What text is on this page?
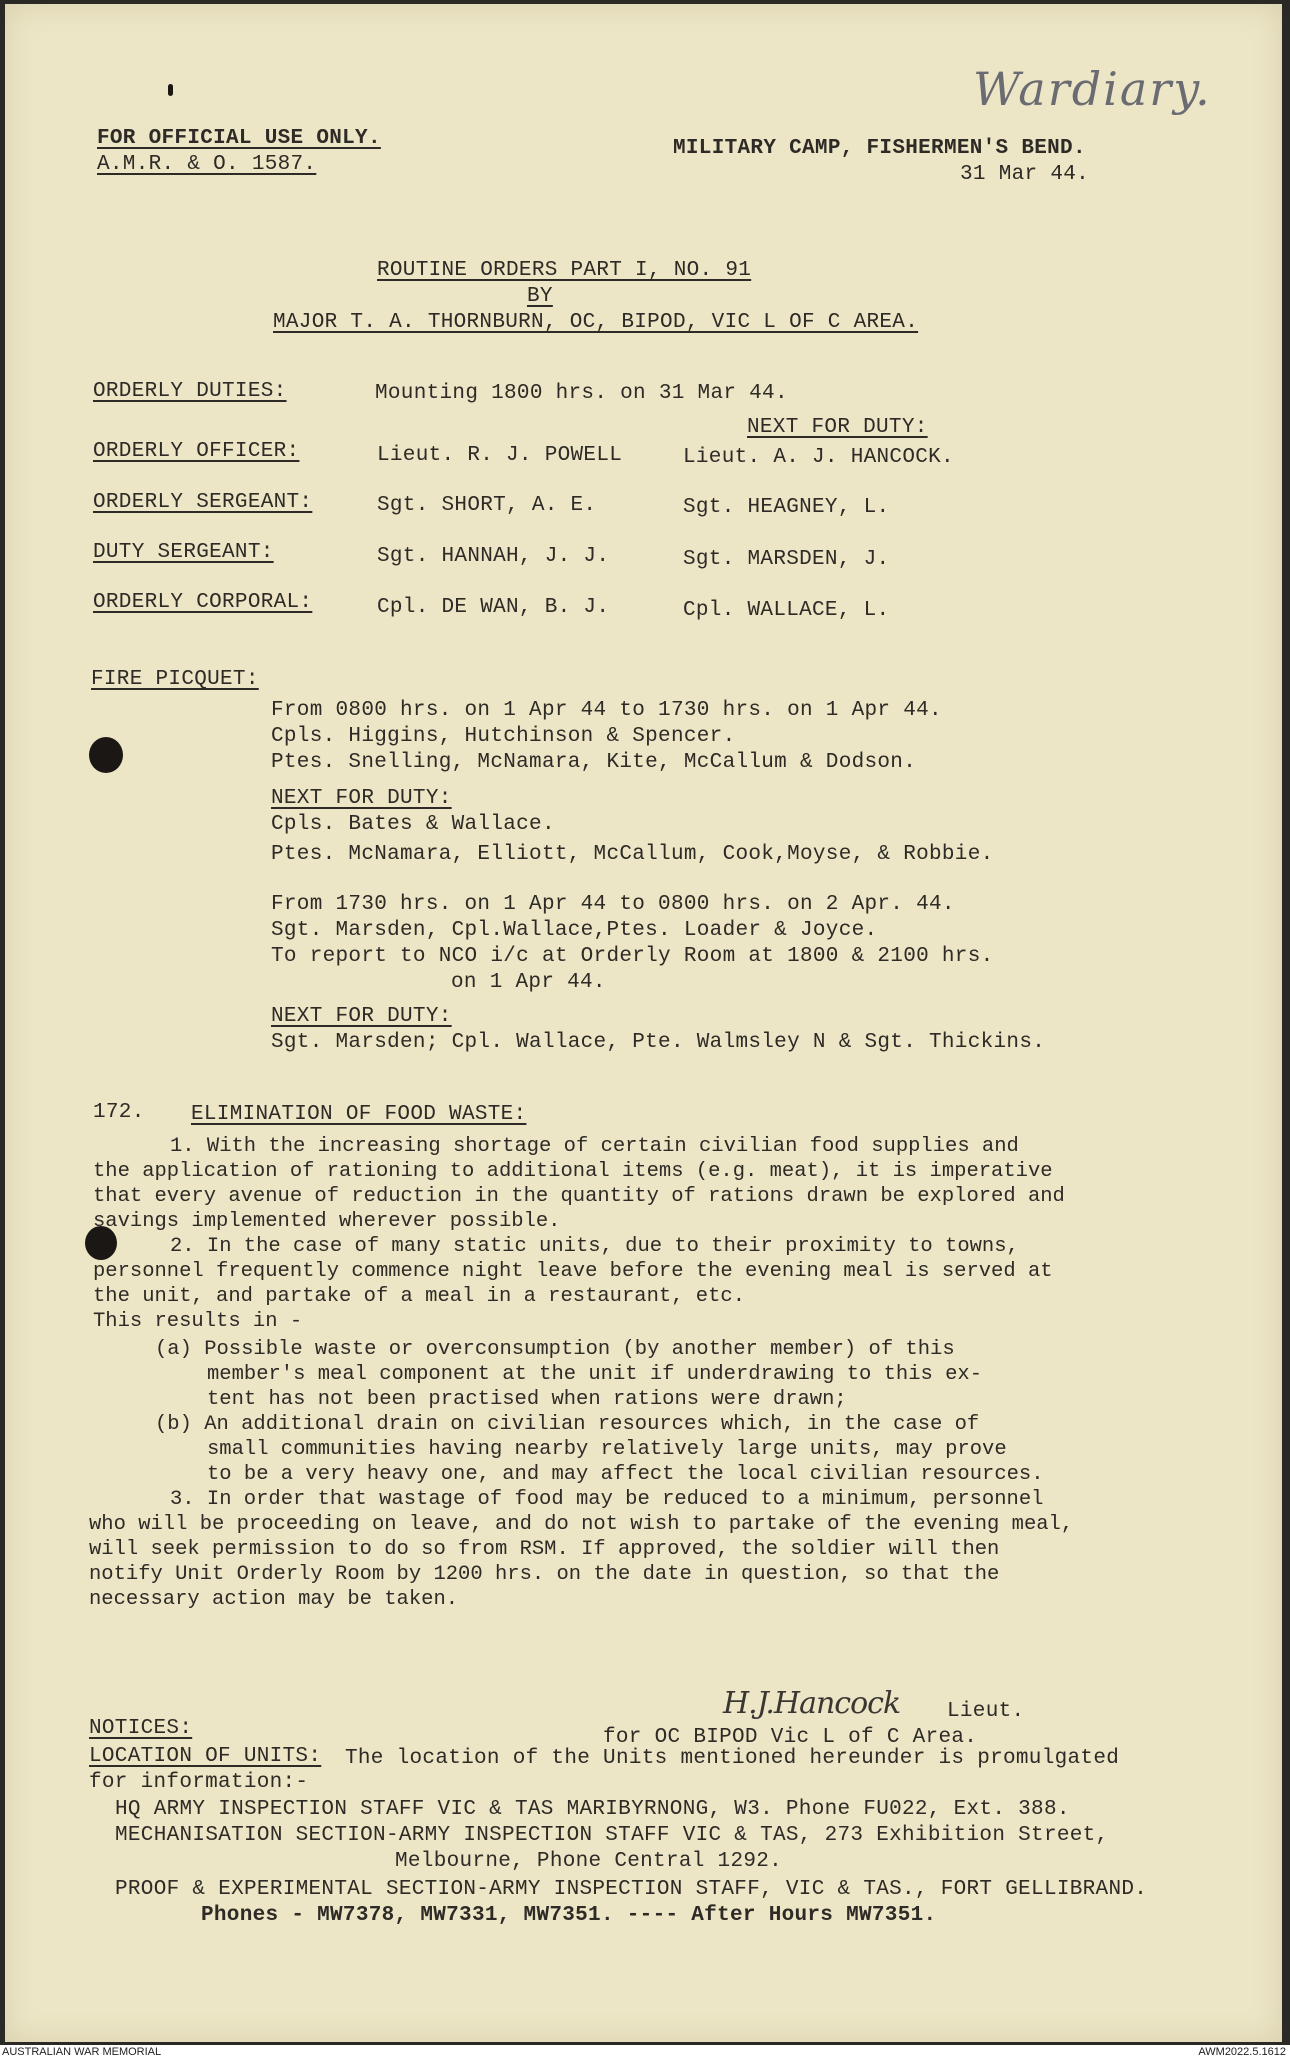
Wardiary.
FOR OFFICIAL USE ONLY.
A.M.R. & O. 1587.
MILITARY CAMP, FISHERMEN'S BEND.
31 Mar 44.
ROUTINE ORDERS PART I, NO. 91
BY
MAJOR T. A. THORNBURN, OC, BIPOD, VIC L OF C AREA.
ORDERLY DUTIES:	Mounting 1800 hrs. on 31 Mar 44.
NEXT FOR DUTY:
ORDERLY OFFICER:	Lieut. R. J. POWELL	Lieut. A. J. HANCOCK.
ORDERLY SERGEANT:	Sgt. SHORT, A. E.	Sgt. HEAGNEY, L.
DUTY SERGEANT:	Sgt. HANNAH, J. J.	Sgt. MARSDEN, J.
ORDERLY CORPORAL:	Cpl. DE WAN, B. J.	Cpl. WALLACE, L.
FIRE PICQUET:
From 0800 hrs. on 1 Apr 44 to 1730 hrs. on 1 Apr 44.
Cpls. Higgins, Hutchinson & Spencer.
Ptes. Snelling, McNamara, Kite, McCallum & Dodson.
NEXT FOR DUTY:
Cpls. Bates & Wallace.
Ptes. McNamara, Elliott, McCallum, Cook,Moyse, & Robbie.
From 1730 hrs. on 1 Apr 44 to 0800 hrs. on 2 Apr. 44.
Sgt. Marsden, Cpl.Wallace,Ptes. Loader & Joyce.
To report to NCO i/c at Orderly Room at 1800 & 2100 hrs.
on 1 Apr 44.
NEXT FOR DUTY:
Sgt. Marsden; Cpl. Wallace, Pte. Walmsley N & Sgt. Thickins.
172. ELIMINATION OF FOOD WASTE:
1. With the increasing shortage of certain civilian food supplies and
the application of rationing to additional items (e.g. meat), it is imperative
that every avenue of reduction in the quantity of rations drawn be explored and
savings implemented wherever possible.
2. In the case of many static units, due to their proximity to towns,
personnel frequently commence night leave before the evening meal is served at
the unit, and partake of a meal in a restaurant, etc.
This results in -
(a) Possible waste or overconsumption (by another member) of this
member's meal component at the unit if underdrawing to this ex-
tent has not been practised when rations were drawn;
(b) An additional drain on civilian resources which, in the case of
small communities having nearby relatively large units, may prove
to be a very heavy one, and may affect the local civilian resources.
3. In order that wastage of food may be reduced to a minimum, personnel
who will be proceeding on leave, and do not wish to partake of the evening meal,
will seek permission to do so from RSM. If approved, the soldier will then
notify Unit Orderly Room by 1200 hrs. on the date in question, so that the
necessary action may be taken.
H.J.Hancock Lieut.
for OC BIPOD Vic L of C Area.
NOTICES:
LOCATION OF UNITS: The location of the Units mentioned hereunder is promulgated
for information:-
HQ ARMY INSPECTION STAFF VIC & TAS MARIBYRNONG, W3. Phone FU022, Ext. 388.
MECHANISATION SECTION-ARMY INSPECTION STAFF VIC & TAS, 273 Exhibition Street,
Melbourne, Phone Central 1292.
PROOF & EXPERIMENTAL SECTION-ARMY INSPECTION STAFF, VIC & TAS., FORT GELLIBRAND.
Phones - MW7378, MW7331, MW7351. ---- After Hours MW7351.
AUSTRALIAN WAR MEMORIAL	AWM2022.5.1612
